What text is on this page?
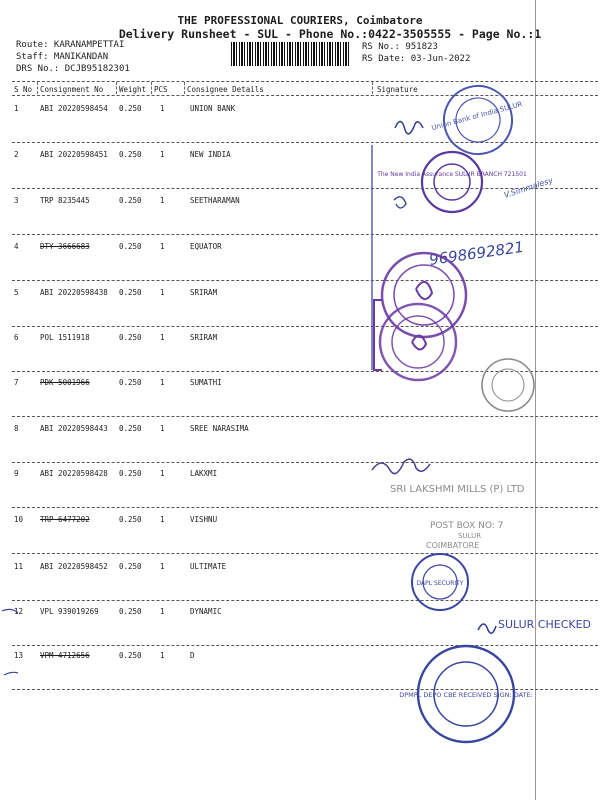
THE PROFESSIONAL COURIERS, Coimbatore
Delivery Runsheet - SUL - Phone No.:0422-3505555 - Page No.:1
Route: KARANAMPETTAI
Staff: MANIKANDAN
DRS No.: DCJB95182301
RS No.: 951823
RS Date: 03-Jun-2022
S No Consignment No Weight PCS	Consignee Details	Signature
1	ABI 20220598454 0.250 1	UNION BANK
2	ABI 20220598451 0.250 1	NEW INDIA
3	TRP 8235445	0.250 1	SEETHARAMAN
4	DTY 3666683	0.250 1	EQUATOR
5	ABI 20220598438 0.250 1	SRIRAM
6	POL 1511918	0.250 1	SRIRAM
7	PDK 5001966	0.250 1	SUMATHI
8	ABI 20220598443 0.250 1	SREE NARASIMA
9	ABI 20220598428 0.250 1	LAKXMI
10 TRP 6477202	0.250 1	VISHNU
11 ABI 20220598452 0.250 1	ULTIMATE
12 VPL 939019269	0.250 1	DYNAMIC
13 VPM 4712656	0.250 1	D
Union Bank of India SULUR
The New India Assurance SULUR BRANCH 721501
V.Simmalesy
9698692821
SRI LAKSHMI MILLS (P) LTD
POST BOX NO: 7
SULUR
COIMBATORE
DAPL SECURITY
SULUR CHECKED
DPMPL DEPO CBE RECEIVED SIGN: DATE:
